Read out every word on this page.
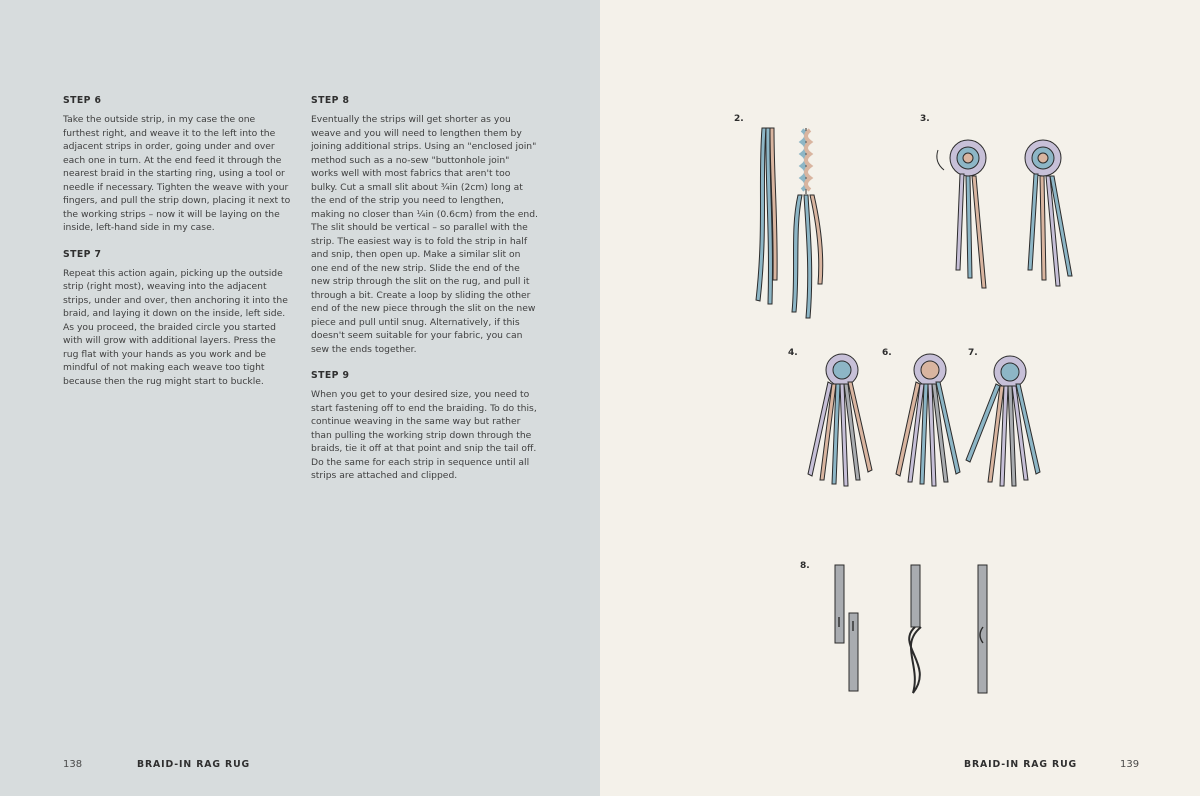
STEP 6

Take the outside strip, in my case the one furthest right, and weave it to the left into the adjacent strips in order, going under and over each one in turn. At the end feed it through the nearest braid in the starting ring, using a tool or needle if necessary. Tighten the weave with your fingers, and pull the strip down, placing it next to the working strips – now it will be laying on the inside, left-hand side in my case.

STEP 7

Repeat this action again, picking up the outside strip (right most), weaving into the adjacent strips, under and over, then anchoring it into the braid, and laying it down on the inside, left side. As you proceed, the braided circle you started with will grow with additional layers. Press the rug flat with your hands as you work and be mindful of not making each weave too tight because then the rug might start to buckle.

STEP 8

Eventually the strips will get shorter as you weave and you will need to lengthen them by joining additional strips. Using an "enclosed join" method such as a no-sew "buttonhole join" works well with most fabrics that aren't too bulky. Cut a small slit about ¾in (2cm) long at the end of the strip you need to lengthen, making no closer than ¼in (0.6cm) from the end. The slit should be vertical – so parallel with the strip. The easiest way is to fold the strip in half and snip, then open up. Make a similar slit on one end of the new strip. Slide the end of the new strip through the slit on the rug, and pull it through a bit. Create a loop by sliding the other end of the new piece through the slit on the new piece and pull until snug. Alternatively, if this doesn't seem suitable for your fabric, you can sew the ends together.

STEP 9

When you get to your desired size, you need to start fastening off to end the braiding. To do this, continue weaving in the same way but rather than pulling the working strip down through the braids, tie it off at that point and snip the tail off. Do the same for each strip in sequence until all strips are attached and clipped.

138	BRAID-IN RAG RUG
2.	3.
4.	6.	7.
8.
BRAID-IN RAG RUG	139
